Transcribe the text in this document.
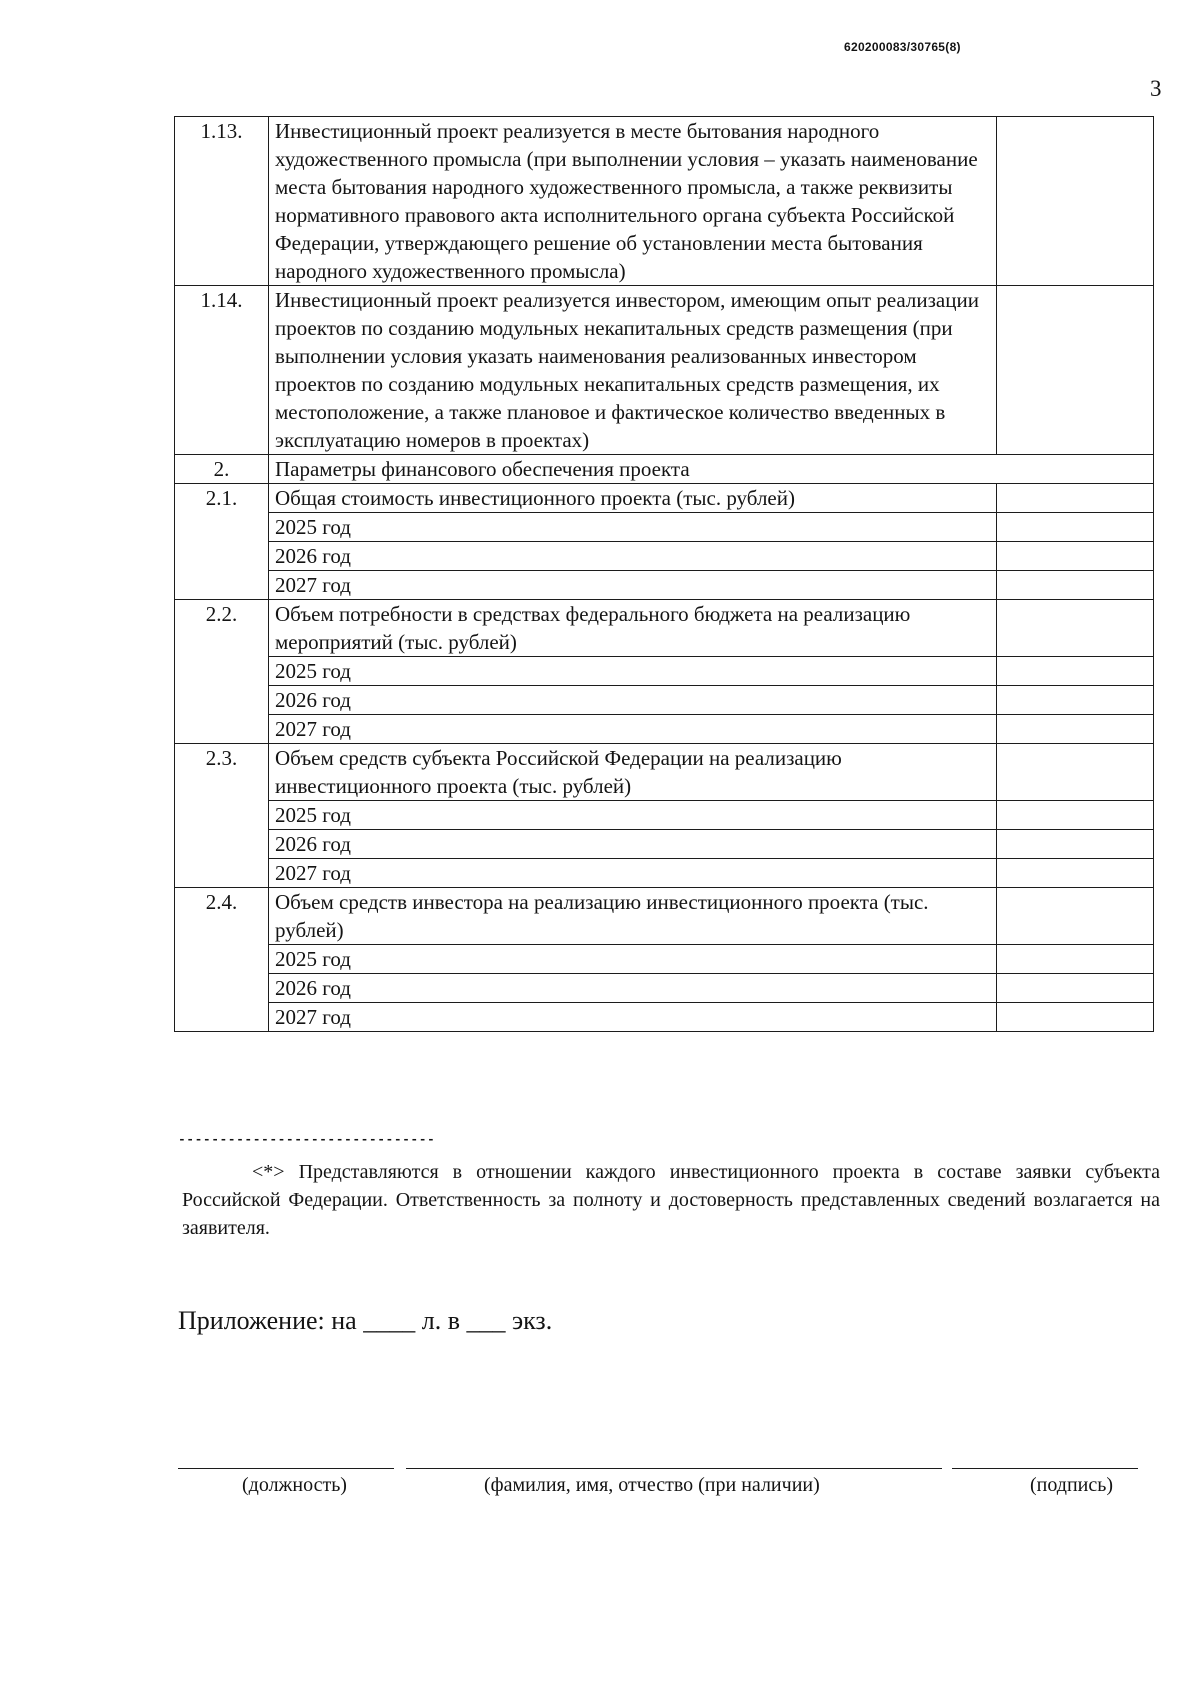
620200083/30765(8)
3
1.13.	Инвестиционный проект реализуется в месте бытования народного художественного промысла (при выполнении условия – указать наименование места бытования народного художественного промысла, а также реквизиты нормативного правового акта исполнительного органа субъекта Российской Федерации, утверждающего решение об установлении места бытования народного художественного промысла)	
1.14.	Инвестиционный проект реализуется инвестором, имеющим опыт реализации проектов по созданию модульных некапитальных средств размещения (при выполнении условия указать наименования реализованных инвестором проектов по созданию модульных некапитальных средств размещения, их местоположение, а также плановое и фактическое количество введенных в эксплуатацию номеров в проектах)	
2.	Параметры финансового обеспечения проекта	
2.1.	Общая стоимость инвестиционного проекта (тыс. рублей)	
	2025 год	
	2026 год	
	2027 год	
2.2.	Объем потребности в средствах федерального бюджета на реализацию мероприятий (тыс. рублей)	
	2025 год	
	2026 год	
	2027 год	
2.3.	Объем средств субъекта Российской Федерации на реализацию инвестиционного проекта (тыс. рублей)	
	2025 год	
	2026 год	
	2027 год	
2.4.	Объем средств инвестора на реализацию инвестиционного проекта (тыс. рублей)	
	2025 год	
	2026 год	
	2027 год	
-------------------------------
<*> Представляются в отношении каждого инвестиционного проекта в составе заявки субъекта Российской Федерации. Ответственность за полноту и достоверность представленных сведений возлагается на заявителя.
Приложение: на ____ л. в ___ экз.
(должность)	(фамилия, имя, отчество (при наличии)	(подпись)
